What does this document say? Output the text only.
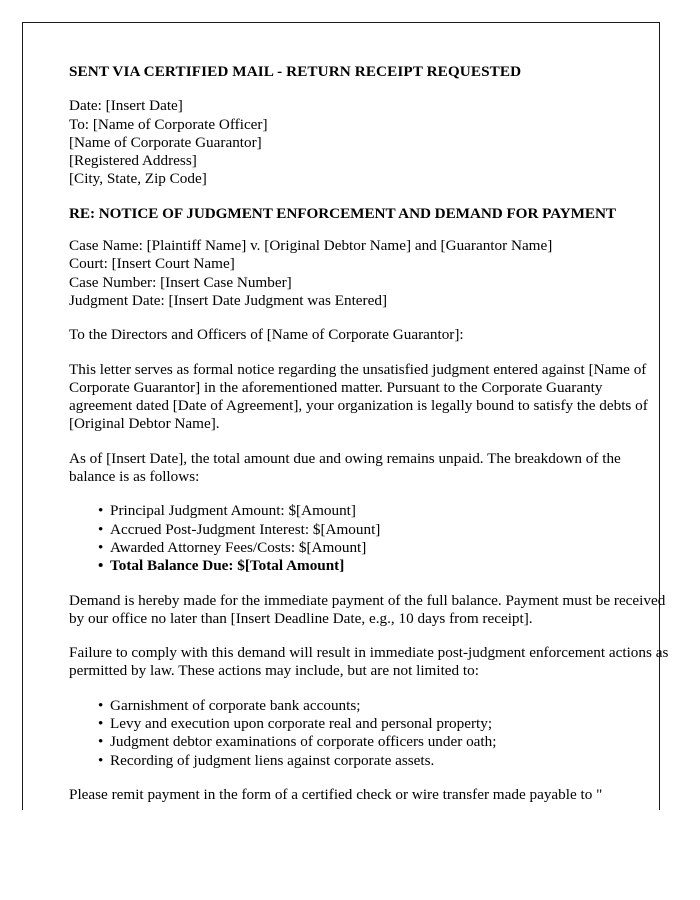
SENT VIA CERTIFIED MAIL - RETURN RECEIPT REQUESTED
Date: [Insert Date]
To: [Name of Corporate Officer]
[Name of Corporate Guarantor]
[Registered Address]
[City, State, Zip Code]
RE: NOTICE OF JUDGMENT ENFORCEMENT AND DEMAND FOR PAYMENT
Case Name: [Plaintiff Name] v. [Original Debtor Name] and [Guarantor Name]
Court: [Insert Court Name]
Case Number: [Insert Case Number]
Judgment Date: [Insert Date Judgment was Entered]

To the Directors and Officers of [Name of Corporate Guarantor]:

This letter serves as formal notice regarding the unsatisfied judgment entered against [Name of Corporate Guarantor] in the aforementioned matter. Pursuant to the Corporate Guaranty agreement dated [Date of Agreement], your organization is legally bound to satisfy the debts of [Original Debtor Name].

As of [Insert Date], the total amount due and owing remains unpaid. The breakdown of the balance is as follows:

• Principal Judgment Amount: $[Amount]
• Accrued Post-Judgment Interest: $[Amount]
• Awarded Attorney Fees/Costs: $[Amount]
• Total Balance Due: $[Total Amount]

Demand is hereby made for the immediate payment of the full balance. Payment must be received by our office no later than [Insert Deadline Date, e.g., 10 days from receipt].

Failure to comply with this demand will result in immediate post-judgment enforcement actions as permitted by law. These actions may include, but are not limited to:

• Garnishment of corporate bank accounts;
• Levy and execution upon corporate real and personal property;
• Judgment debtor examinations of corporate officers under oath;
• Recording of judgment liens against corporate assets.

Please remit payment in the form of a certified check or wire transfer made payable to "
